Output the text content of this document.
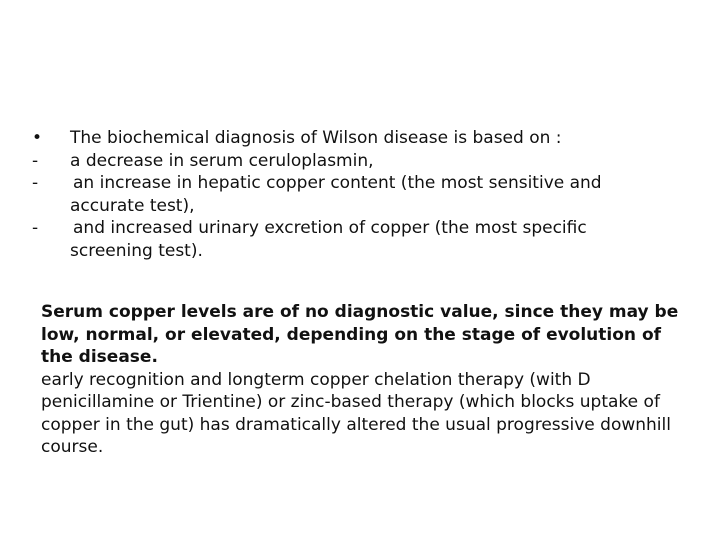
• The biochemical diagnosis of Wilson disease is based on :
-	a decrease in serum ceruloplasmin,
-	an increase in hepatic copper content (the most sensitive and
accurate test),
-	and increased urinary excretion of copper (the most specific
screening test).
Serum copper levels are of no diagnostic value, since they may be low, normal, or elevated, depending on the stage of evolution of the disease.
early recognition and longterm copper chelation therapy (with D penicillamine or Trientine) or zinc-based therapy (which blocks uptake of copper in the gut) has dramatically altered the usual progressive downhill course.
